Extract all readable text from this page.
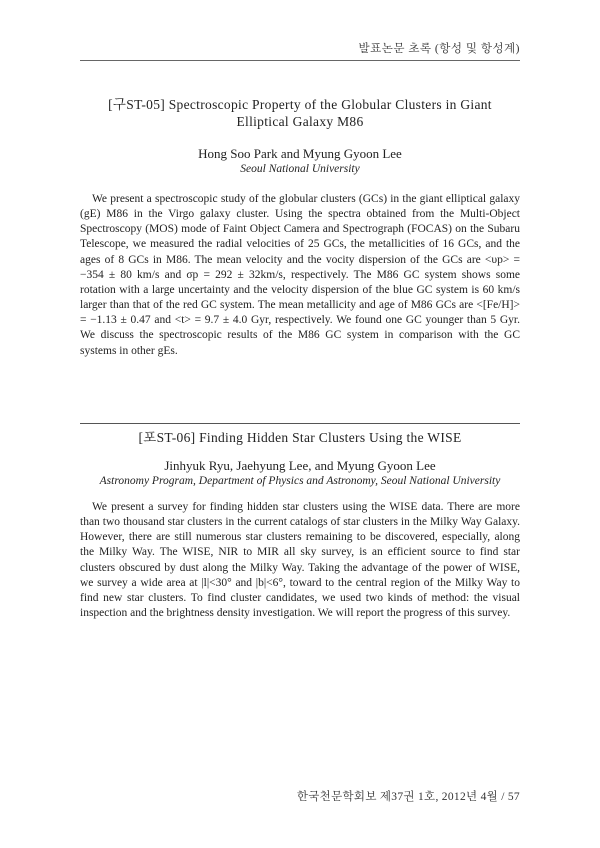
발표논문 초록 (항성 및 항성계)
[구ST-05] Spectroscopic Property of the Globular Clusters in Giant
Elliptical Galaxy M86
Hong Soo Park and Myung Gyoon Lee
Seoul National University

We present a spectroscopic study of the globular clusters (GCs) in the giant elliptical galaxy (gE) M86 in the Virgo galaxy cluster. Using the spectra obtained from the Multi-Object Spectroscopy (MOS) mode of Faint Object Camera and Spectrograph (FOCAS) on the Subaru Telescope, we measured the radial velocities of 25 GCs, the metallicities of 16 GCs, and the ages of 8 GCs in M86. The mean velocity and the vocity dispersion of the GCs are <υp> = −354 ± 80 km/s and σp = 292 ± 32km/s, respectively. The M86 GC system shows some rotation with a large uncertainty and the velocity dispersion of the blue GC system is 60 km/s larger than that of the red GC system. The mean metallicity and age of M86 GCs are <[Fe/H]> = −1.13 ± 0.47 and <t> = 9.7 ± 4.0 Gyr, respectively. We found one GC younger than 5 Gyr. We discuss the spectroscopic results of the M86 GC system in comparison with the GC systems in other gEs.

[포ST-06] Finding Hidden Star Clusters Using the WISE
Jinhyuk Ryu, Jaehyung Lee, and Myung Gyoon Lee
Astronomy Program, Department of Physics and Astronomy, Seoul National University

We present a survey for finding hidden star clusters using the WISE data. There are more than two thousand star clusters in the current catalogs of star clusters in the Milky Way Galaxy. However, there are still numerous star clusters remaining to be discovered, especially, along the Milky Way. The WISE, NIR to MIR all sky survey, is an efficient source to find star clusters obscured by dust along the Milky Way. Taking the advantage of the power of WISE, we survey a wide area at |l|<30° and |b|<6°, toward to the central region of the Milky Way to find new star clusters. To find cluster candidates, we used two kinds of method: the visual inspection and the brightness density investigation. We will report the progress of this survey.

한국천문학회보 제37권 1호, 2012년 4월 / 57
